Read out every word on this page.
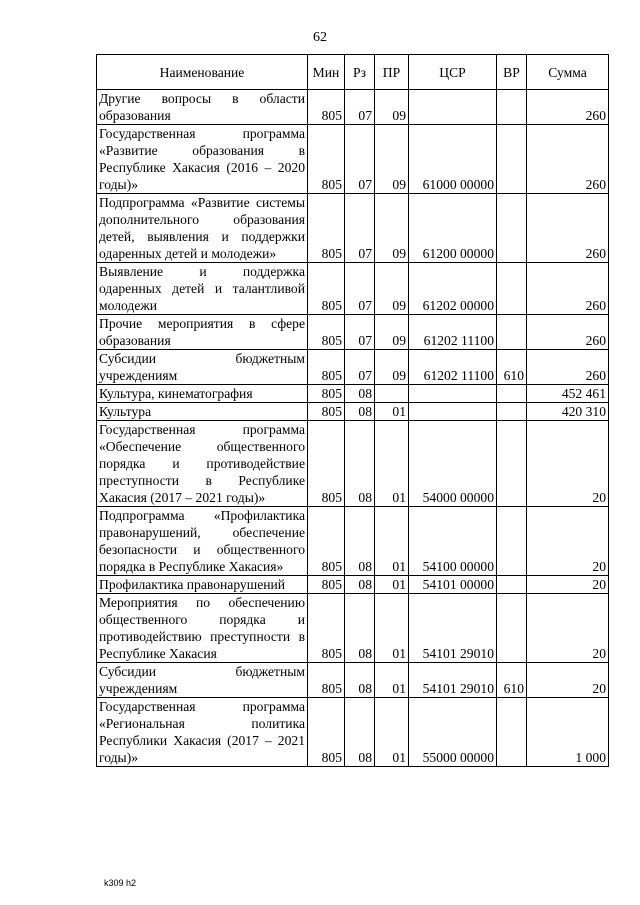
62
Наименование	Мин	Рз	ПР	ЦСР	ВР	Сумма

Другие вопросы в области образования	805	07	09			260

Государственная программа «Развитие образования в Республике Хакасия (2016 – 2020 годы)»	805	07	09	61000 00000		260

Подпрограмма «Развитие системы дополнительного образования детей, выявления и поддержки одаренных детей и молодежи»	805	07	09	61200 00000		260

Выявление и поддержка одаренных детей и талантливой молодежи	805	07	09	61202 00000		260

Прочие мероприятия в сфере образования	805	07	09	61202 11100		260

Субсидии бюджетным учреждениям	805	07	09	61202 11100	610	260

Культура, кинематография	805	08				452 461

Культура	805	08	01			420 310

Государственная программа «Обеспечение общественного порядка и противодействие преступности в Республике Хакасия (2017 – 2021 годы)»	805	08	01	54000 00000		20

Подпрограмма «Профилактика правонарушений, обеспечение безопасности и общественного порядка в Республике Хакасия»	805	08	01	54100 00000		20

Профилактика правонарушений	805	08	01	54101 00000		20

Мероприятия по обеспечению общественного порядка и противодействию преступности в Республике Хакасия	805	08	01	54101 29010		20

Субсидии бюджетным учреждениям	805	08	01	54101 29010	610	20

Государственная программа «Региональная политика Республики Хакасия (2017 – 2021 годы)»	805	08	01	55000 00000		1 000
k309 h2
